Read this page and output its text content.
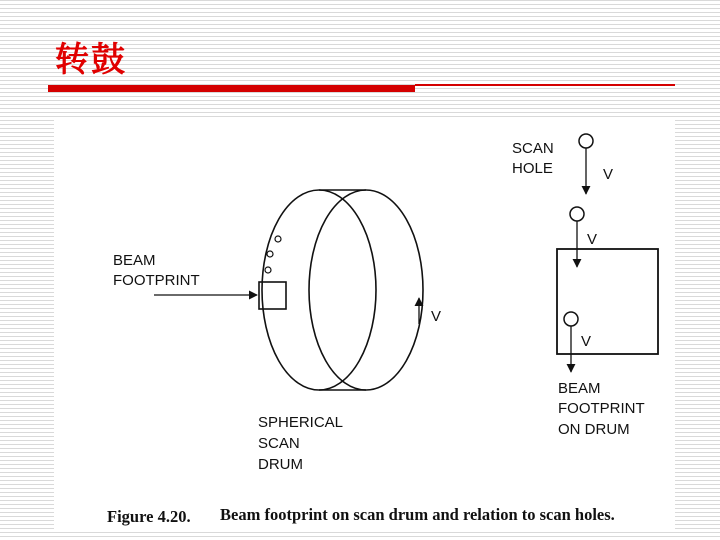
转鼓
BEAM
FOOTPRINT
V
SPHERICAL
SCAN
DRUM
SCAN
HOLE	V
V
V
BEAM
FOOTPRINT
ON DRUM
Figure 4.20. Beam footprint on scan drum and relation to scan holes.
